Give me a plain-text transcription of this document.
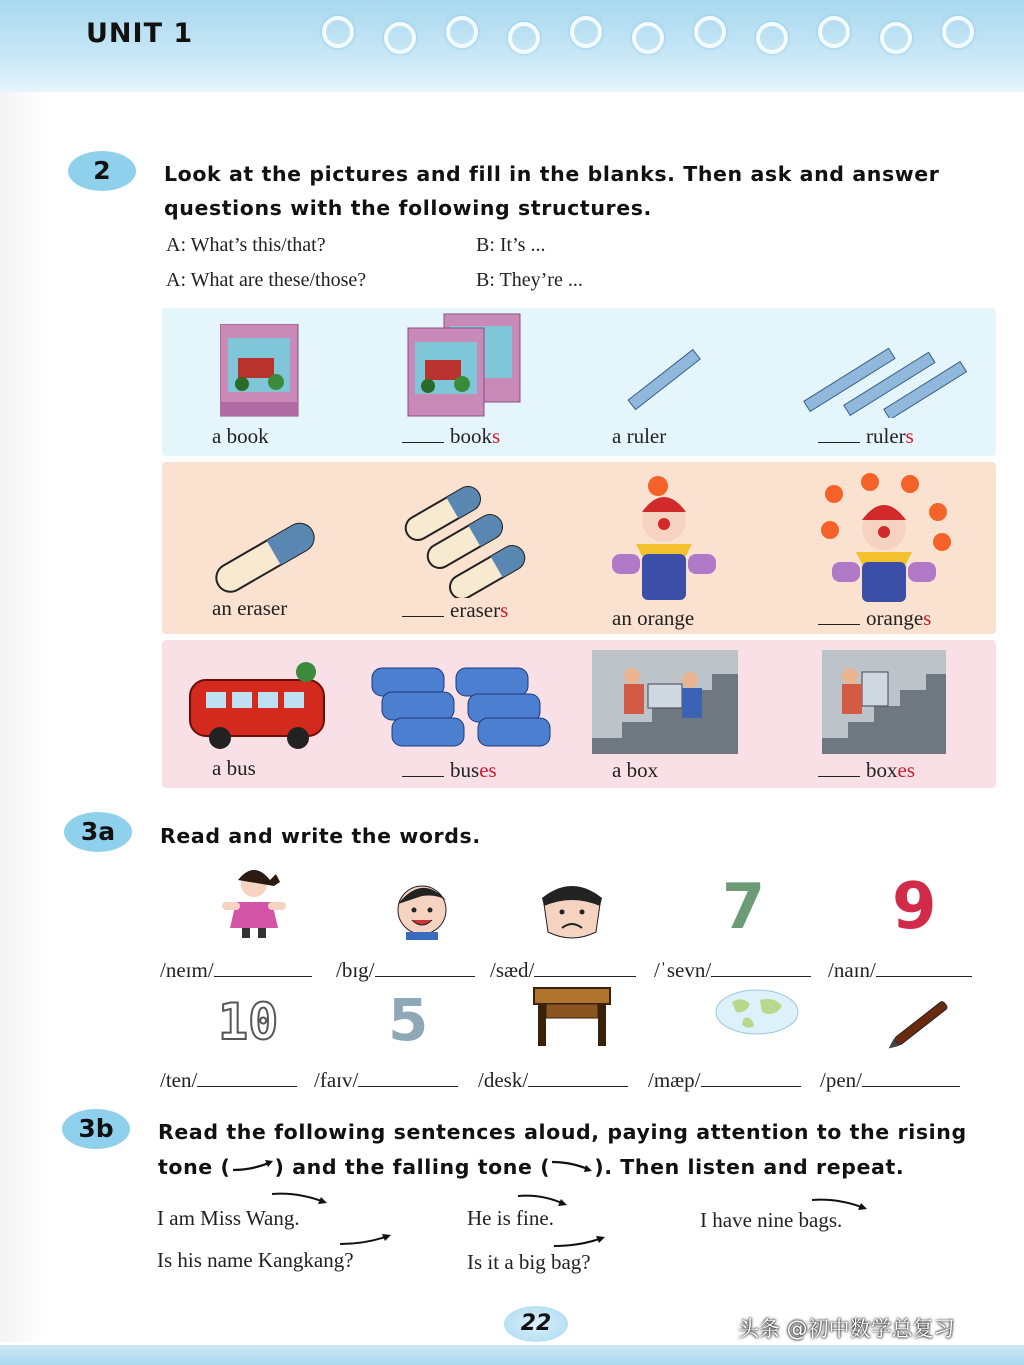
UNIT 1
2	Look at the pictures and fill in the blanks. Then ask and answer
questions with the following structures.
A: What’s this/that?	B: It’s ...
A: What are these/those?	B: They’re ...
a book	books	a ruler	rulers
an eraser	erasers	an orange	oranges
a bus	buses	a box	boxes
3a	Read and write the words.
7 9
/neɪm/	/bɪg/	/sæd/	/ˈsevn/	/naɪn/
10 5
/ten/	/faɪv/	/desk/	/mæp/	/pen/
3b	Read the following sentences aloud, paying attention to the rising
tone ( ) and the falling tone ( ). Then listen and repeat.
I am Miss Wang.	He is fine.	I have nine bags.
Is his name Kangkang?	Is it a big bag?
22	头条 @初中数学总复习
